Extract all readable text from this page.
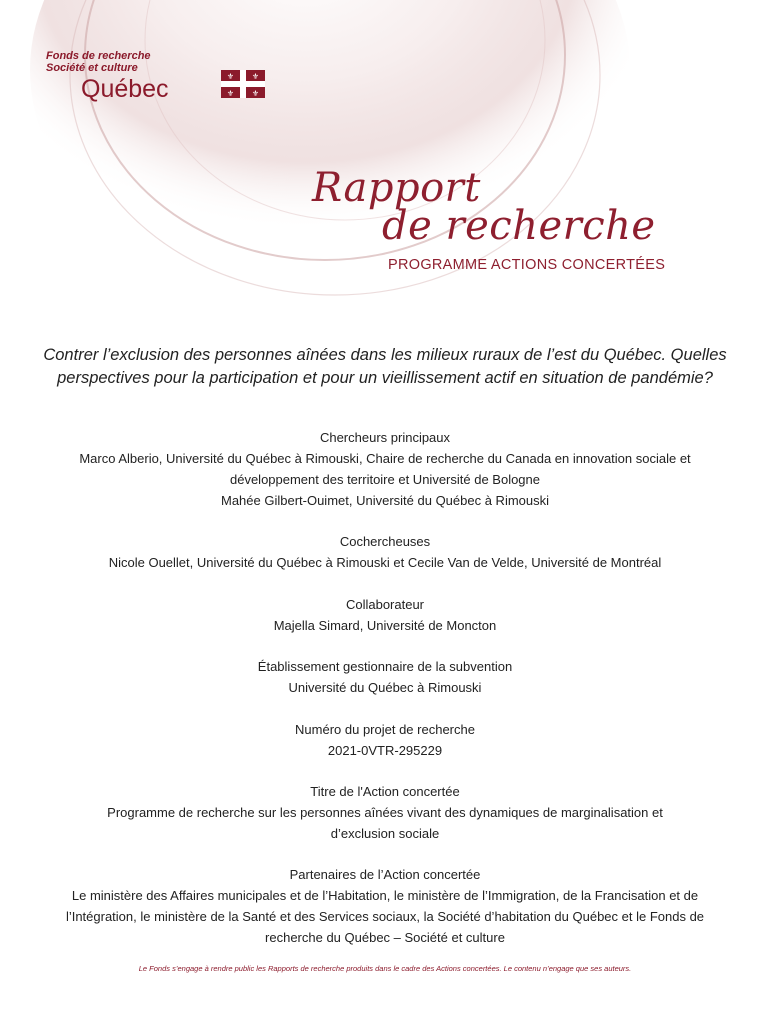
Fonds de recherche
Société et culture
Québec	⚜ ⚜
⚜ ⚜
Rapport
de recherche
PROGRAMME ACTIONS CONCERTÉES
Contrer l’exclusion des personnes aînées dans les milieux ruraux de l’est du Québec. Quelles
perspectives pour la participation et pour un vieillissement actif en situation de pandémie?
Chercheurs principaux
Marco Alberio, Université du Québec à Rimouski, Chaire de recherche du Canada en innovation sociale et
développement des territoire et Université de Bologne
Mahée Gilbert-Ouimet, Université du Québec à Rimouski
Cochercheuses
Nicole Ouellet, Université du Québec à Rimouski et Cecile Van de Velde, Université de Montréal
Collaborateur
Majella Simard, Université de Moncton
Établissement gestionnaire de la subvention
Université du Québec à Rimouski
Numéro du projet de recherche
2021-0VTR-295229
Titre de l'Action concertée
Programme de recherche sur les personnes aînées vivant des dynamiques de marginalisation et
d’exclusion sociale
Partenaires de l’Action concertée
Le ministère des Affaires municipales et de l’Habitation, le ministère de l’Immigration, de la Francisation et de
l’Intégration, le ministère de la Santé et des Services sociaux, la Société d’habitation du Québec et le Fonds de
recherche du Québec – Société et culture
Le Fonds s’engage à rendre public les Rapports de recherche produits dans le cadre des Actions concertées. Le contenu n’engage que ses auteurs.
